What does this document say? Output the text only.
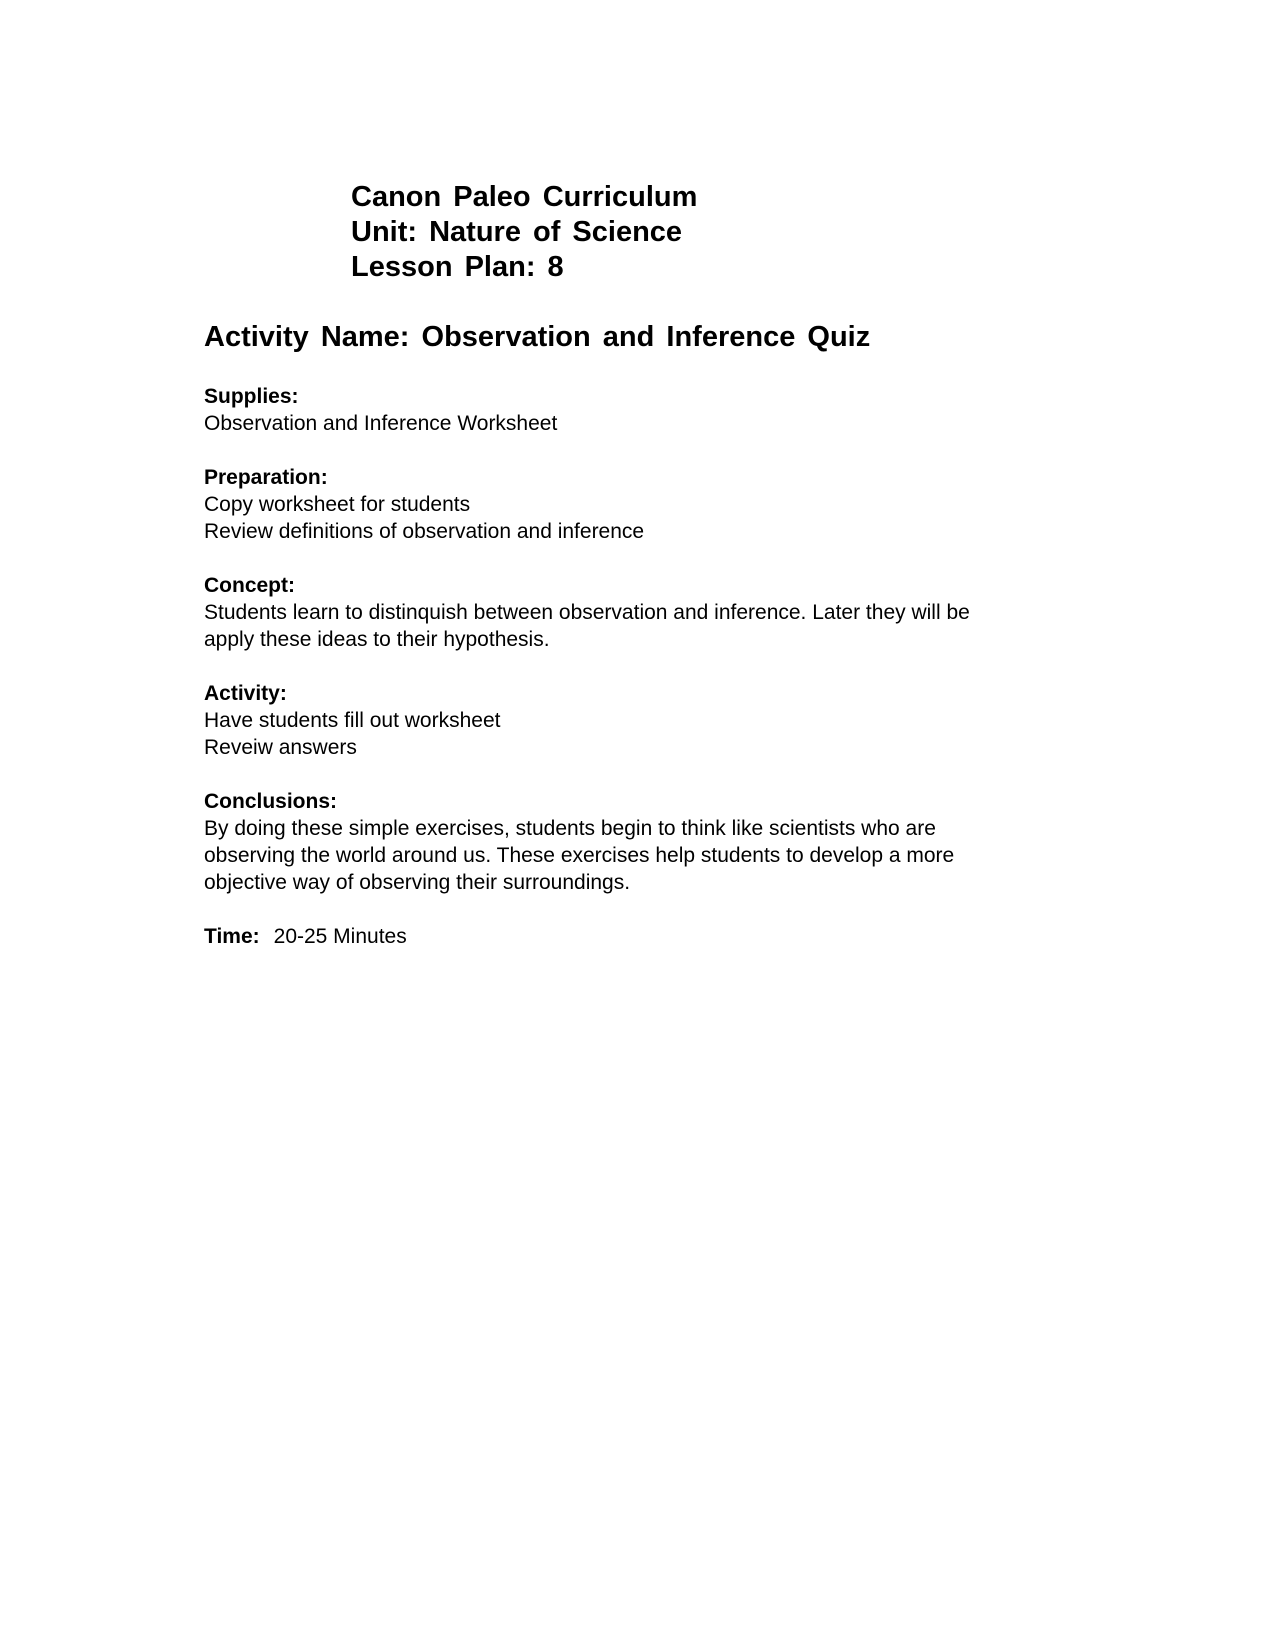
Canon Paleo Curriculum
Unit: Nature of Science
Lesson Plan: 8
Activity Name: Observation and Inference Quiz
Supplies:
Observation and Inference Worksheet
Preparation:
Copy worksheet for students
Review definitions of observation and inference
Concept:
Students learn to distinquish between observation and inference. Later they will be
apply these ideas to their hypothesis.
Activity:
Have students fill out worksheet
Reveiw answers
Conclusions:
By doing these simple exercises, students begin to think like scientists who are
observing the world around us. These exercises help students to develop a more
objective way of observing their surroundings.
Time: 20-25 Minutes
